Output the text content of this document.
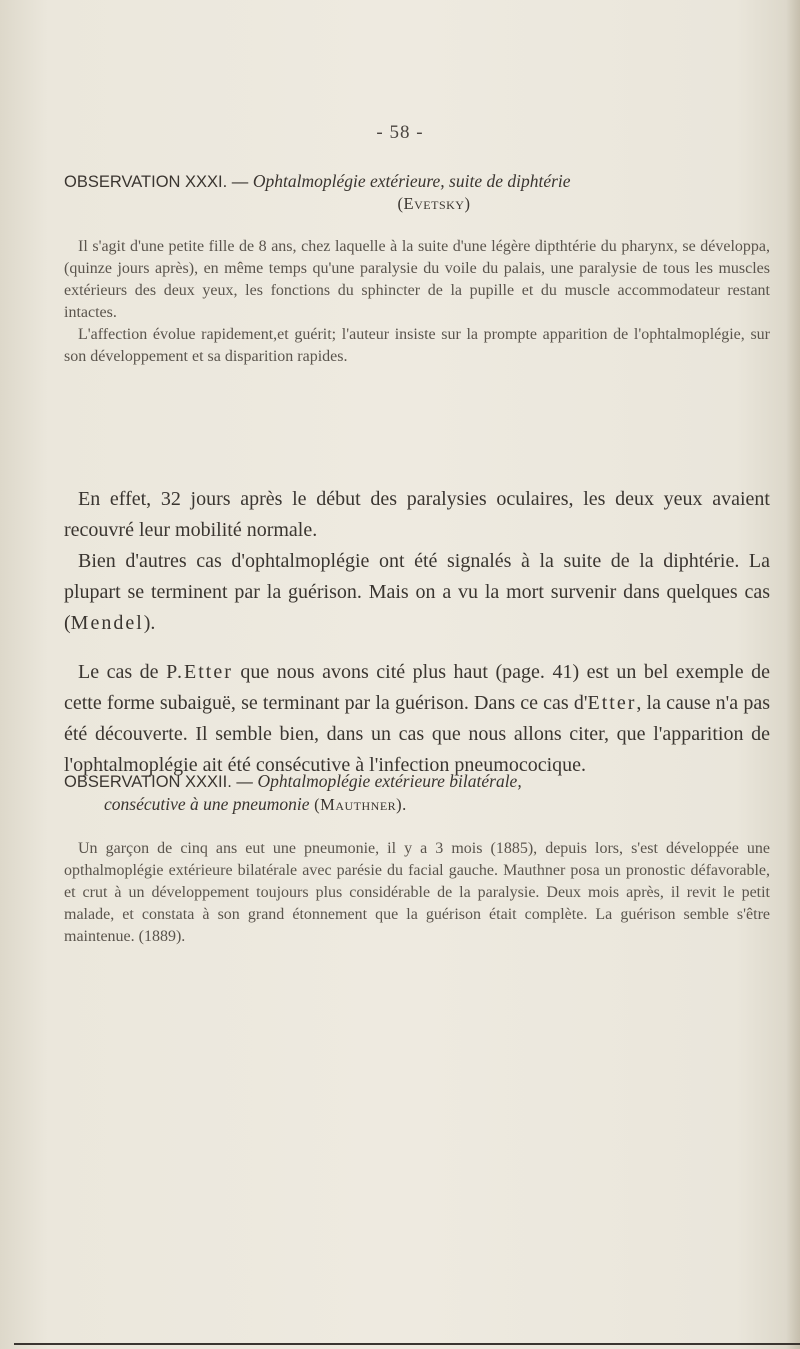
- 58 -
OBSERVATION XXXI. — Ophtalmoplégie extérieure, suite de diphtérie
(Evetsky)

Il s'agit d'une petite fille de 8 ans, chez laquelle à la suite d'une légère dipthtérie du pharynx, se développa, (quinze jours après), en même temps qu'une paralysie du voile du palais, une paralysie de tous les muscles extérieurs des deux yeux, les fonctions du sphincter de la pupille et du muscle accommodateur restant intactes.

L'affection évolue rapidement,et guérit; l'auteur insiste sur la prompte apparition de l'ophtalmoplégie, sur son développement et sa disparition rapides.

En effet, 32 jours après le début des paralysies oculaires, les deux yeux avaient recouvré leur mobilité normale.

Bien d'autres cas d'ophtalmoplégie ont été signalés à la suite de la diphtérie. La plupart se terminent par la guérison. Mais on a vu la mort survenir dans quelques cas (Mendel).

Le cas de P.Etter que nous avons cité plus haut (page. 41) est un bel exemple de cette forme subaiguë, se terminant par la guérison. Dans ce cas d'Etter, la cause n'a pas été découverte. Il semble bien, dans un cas que nous allons citer, que l'apparition de l'ophtalmoplégie ait été consécutive à l'infection pneumococique.

OBSERVATION XXXII. — Ophtalmoplégie extérieure bilatérale,
consécutive à une pneumonie (Mauthner).

Un garçon de cinq ans eut une pneumonie, il y a 3 mois (1885), depuis lors, s'est développée une opthalmoplégie extérieure bilatérale avec parésie du facial gauche. Mauthner posa un pronostic défavorable, et crut à un développement toujours plus considérable de la paralysie. Deux mois après, il revit le petit malade, et constata à son grand étonnement que la guérison était complète. La guérison semble s'être maintenue. (1889).
